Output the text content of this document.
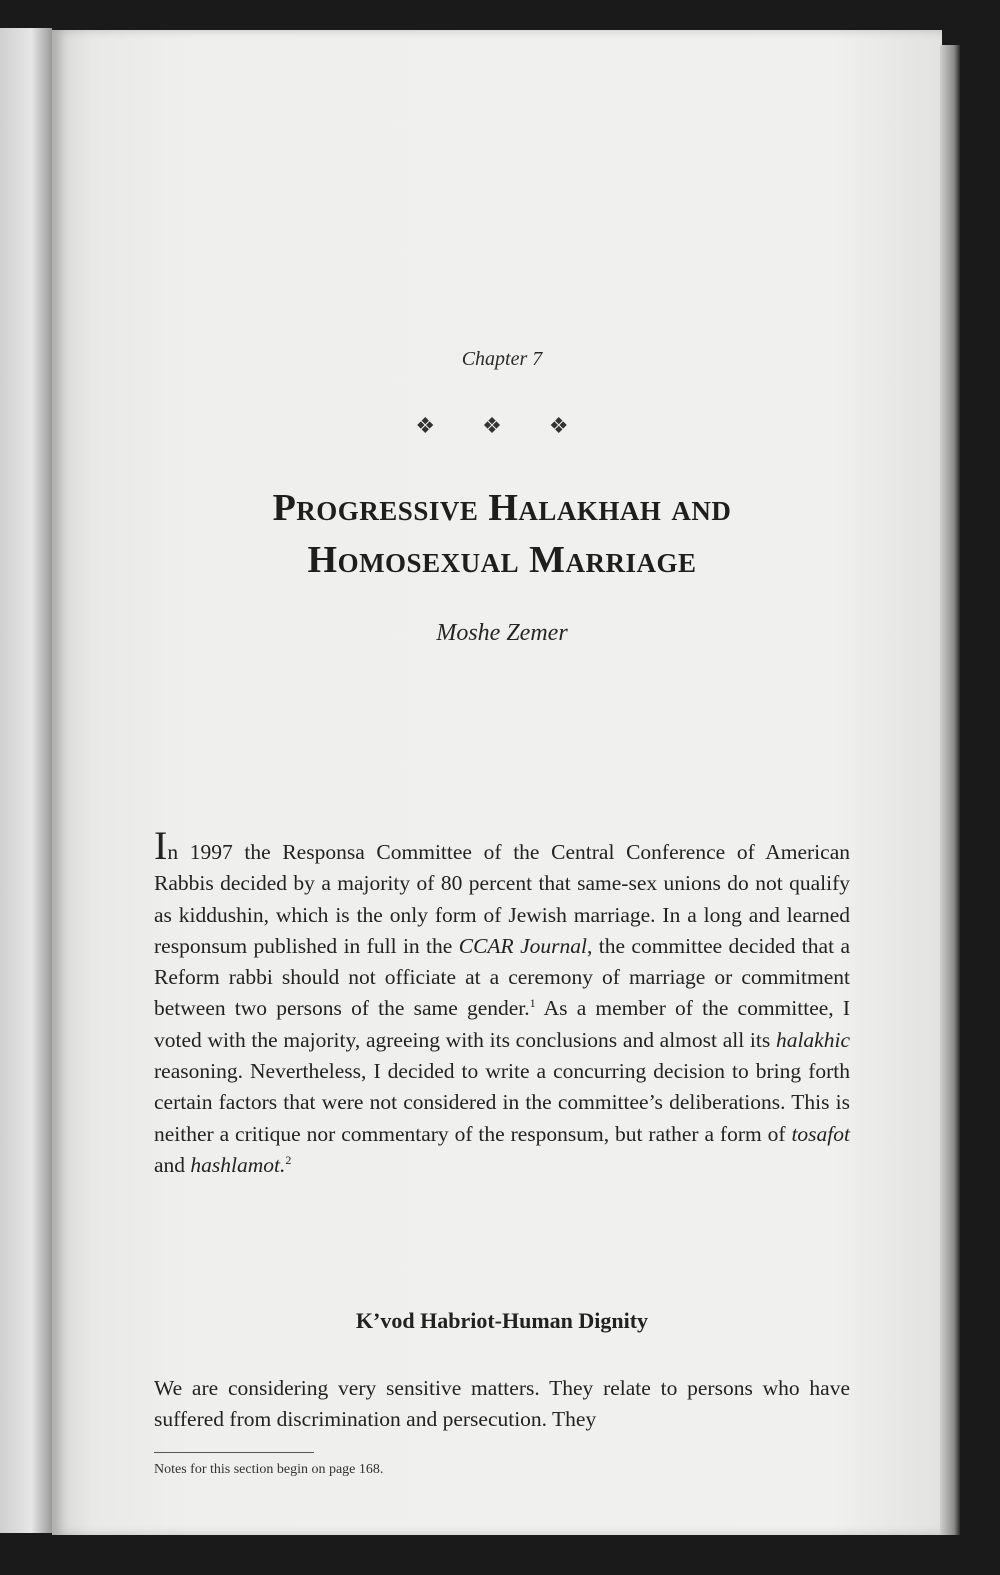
Chapter 7
❖ ❖ ❖
Progressive Halakhah and
Homosexual Marriage
Moshe Zemer
In 1997 the Responsa Committee of the Central Conference of American Rabbis decided by a majority of 80 percent that same-sex unions do not qualify as kiddushin, which is the only form of Jewish marriage. In a long and learned responsum published in full in the CCAR Journal, the committee decided that a Reform rabbi should not officiate at a ceremony of marriage or commitment between two persons of the same gender.$^1$ As a member of the committee, I voted with the majority, agreeing with its conclusions and almost all its halakhic reasoning. Nevertheless, I decided to write a concurring decision to bring forth certain factors that were not considered in the committee’s deliberations. This is neither a critique nor commentary of the responsum, but rather a form of tosafot and hashlamot.$^2$
K’vod Habriot-Human Dignity
We are considering very sensitive matters. They relate to persons who have suffered from discrimination and persecution. They
Notes for this section begin on page 168.
